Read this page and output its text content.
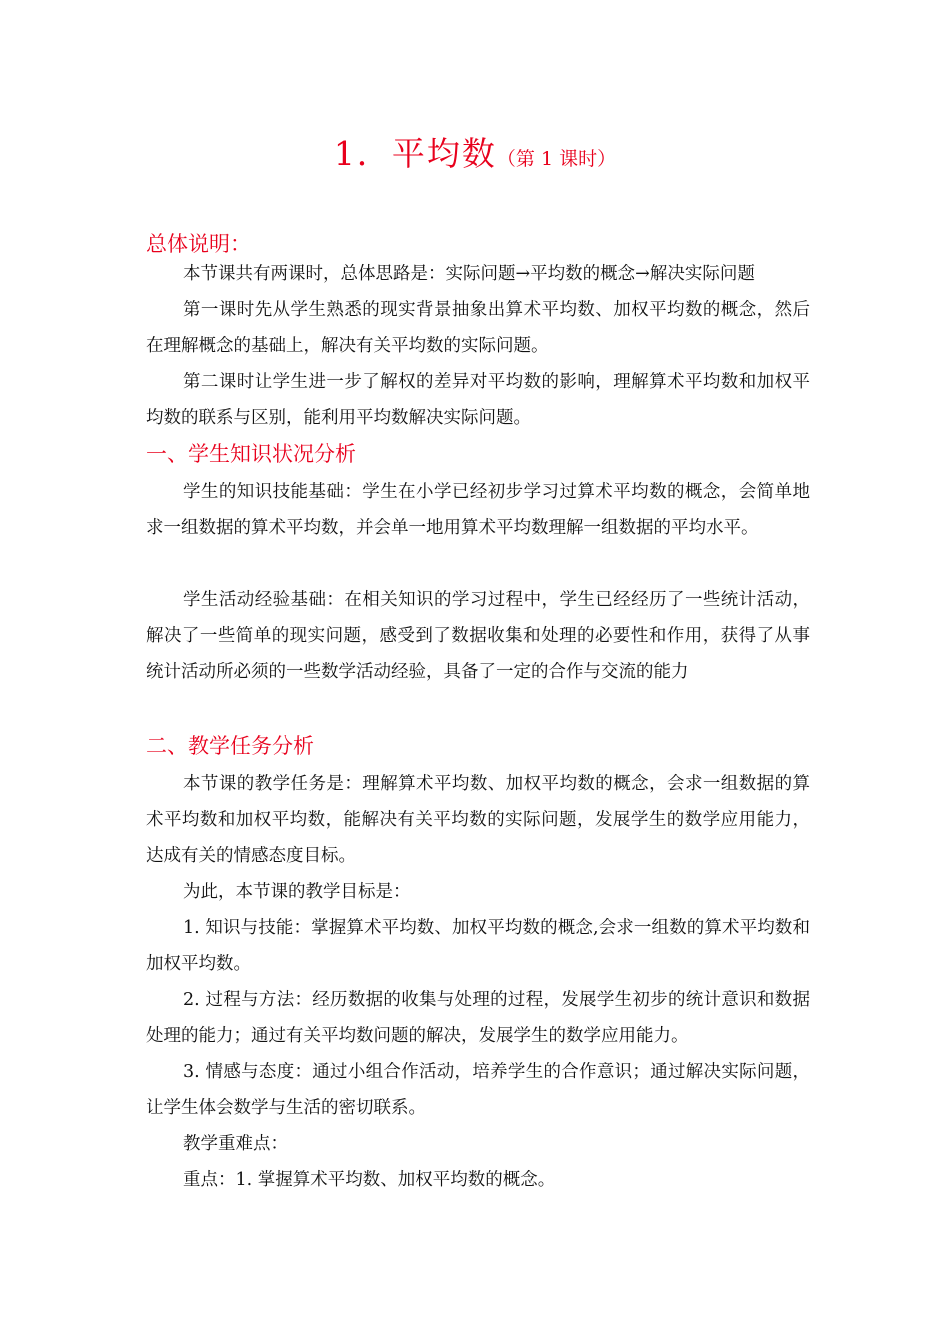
1．平均数（第 1 课时）
总体说明：

本节课共有两课时，总体思路是：实际问题→平均数的概念→解决实际问题

第一课时先从学生熟悉的现实背景抽象出算术平均数、加权平均数的概念，然后在理解概念的基础上，解决有关平均数的实际问题。

第二课时让学生进一步了解权的差异对平均数的影响，理解算术平均数和加权平均数的联系与区别，能利用平均数解决实际问题。

一、学生知识状况分析

学生的知识技能基础：学生在小学已经初步学习过算术平均数的概念，会简单地求一组数据的算术平均数，并会单一地用算术平均数理解一组数据的平均水平。

学生活动经验基础：在相关知识的学习过程中，学生已经经历了一些统计活动，解决了一些简单的现实问题，感受到了数据收集和处理的必要性和作用，获得了从事统计活动所必须的一些数学活动经验，具备了一定的合作与交流的能力

二、教学任务分析

本节课的教学任务是：理解算术平均数、加权平均数的概念，会求一组数据的算术平均数和加权平均数，能解决有关平均数的实际问题，发展学生的数学应用能力，达成有关的情感态度目标。

为此，本节课的教学目标是：

1. 知识与技能：掌握算术平均数、加权平均数的概念,会求一组数的算术平均数和加权平均数。

2. 过程与方法：经历数据的收集与处理的过程，发展学生初步的统计意识和数据处理的能力；通过有关平均数问题的解决，发展学生的数学应用能力。

3. 情感与态度：通过小组合作活动，培养学生的合作意识；通过解决实际问题，让学生体会数学与生活的密切联系。

教学重难点：

重点：1. 掌握算术平均数、加权平均数的概念。
